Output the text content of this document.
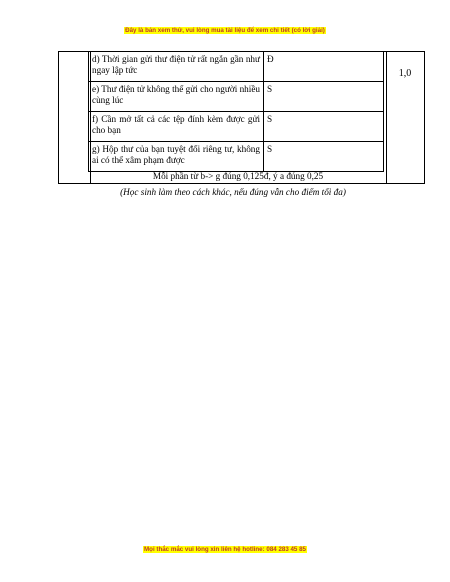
Đây là bản xem thử, vui lòng mua tài liệu để xem chi tiết (có lời giải)
d) Thời gian gửi thư điện tử rất ngắn gần như ngay lập tức	Đ
e) Thư điện tử không thể gửi cho người nhiều cùng lúc	S
f) Cần mở tất cả các tệp đính kèm được gửi cho bạn	S
g) Hộp thư của bạn tuyệt đối riêng tư, không ai có thể xâm phạm được	S
1,0
Mỗi phần từ b-> g đúng 0,125đ, ý a đúng 0,25
(Học sinh làm theo cách khác, nếu đúng vẫn cho điểm tối đa)
Mọi thắc mắc vui lòng xin liên hệ hotline: 084 283 45 85
